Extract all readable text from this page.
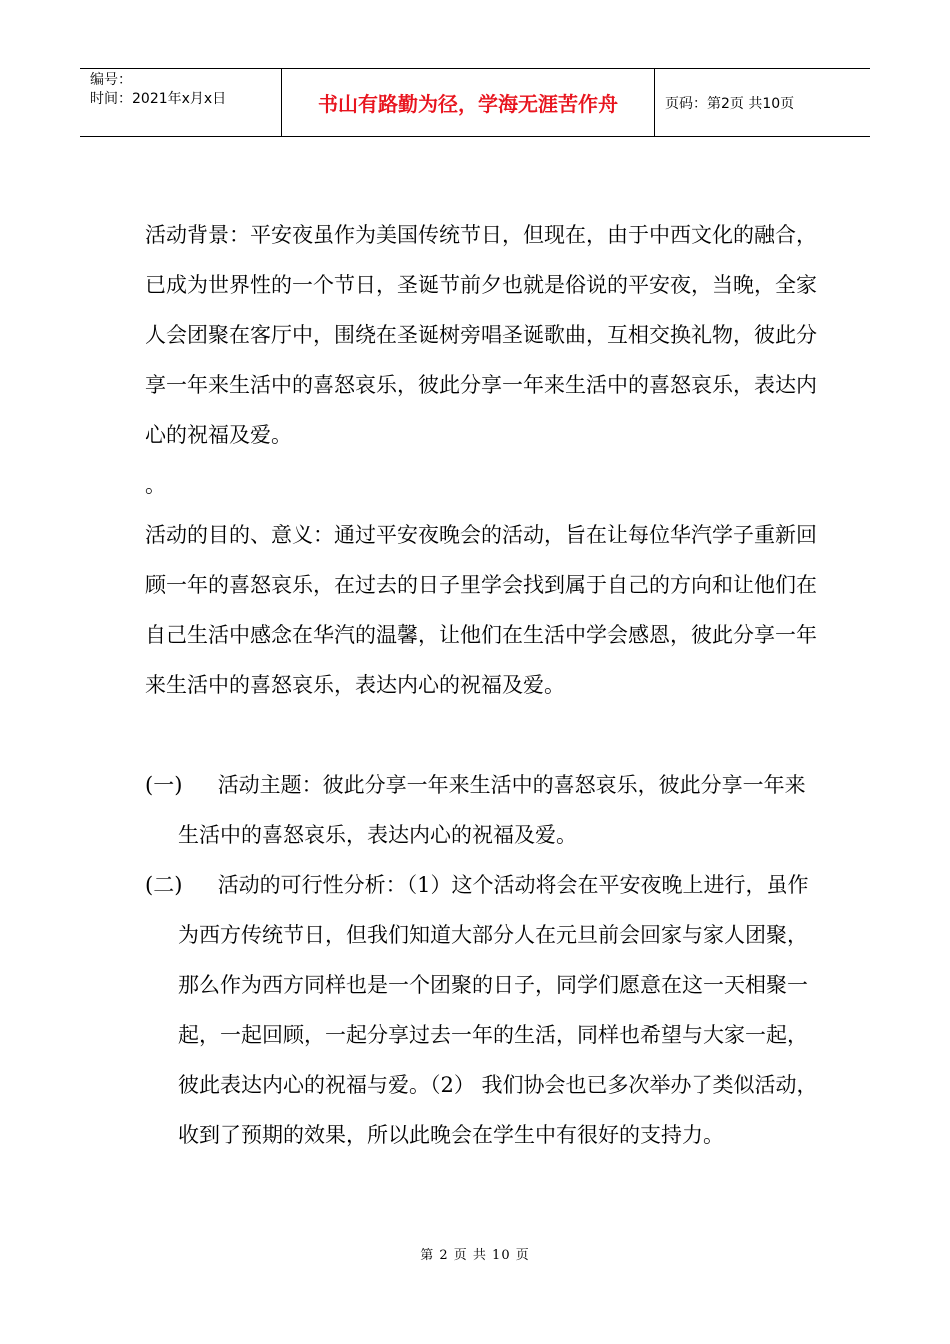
编号：
时间：2021年x月x日	书山有路勤为径，学海无涯苦作舟	页码：第2页 共10页

活动背景：平安夜虽作为美国传统节日，但现在，由于中西文化的融合，已成为世界性的一个节日，圣诞节前夕也就是俗说的平安夜，当晚，全家人会团聚在客厅中，围绕在圣诞树旁唱圣诞歌曲，互相交换礼物，彼此分享一年来生活中的喜怒哀乐，彼此分享一年来生活中的喜怒哀乐，表达内心的祝福及爱。

。

活动的目的、意义：通过平安夜晚会的活动，旨在让每位华汽学子重新回顾一年的喜怒哀乐，在过去的日子里学会找到属于自己的方向和让他们在自己生活中感念在华汽的温馨，让他们在生活中学会感恩，彼此分享一年来生活中的喜怒哀乐，表达内心的祝福及爱。

(一) 活动主题：彼此分享一年来生活中的喜怒哀乐，彼此分享一年来生活中的喜怒哀乐，表达内心的祝福及爱。
(二) 活动的可行性分析：（1）这个活动将会在平安夜晚上进行，虽作为西方传统节日，但我们知道大部分人在元旦前会回家与家人团聚，那么作为西方同样也是一个团聚的日子，同学们愿意在这一天相聚一起，一起回顾，一起分享过去一年的生活，同样也希望与大家一起，彼此表达内心的祝福与爱。（2） 我们协会也已多次举办了类似活动，收到了预期的效果，所以此晚会在学生中有很好的支持力。
第 2 页 共 10 页
